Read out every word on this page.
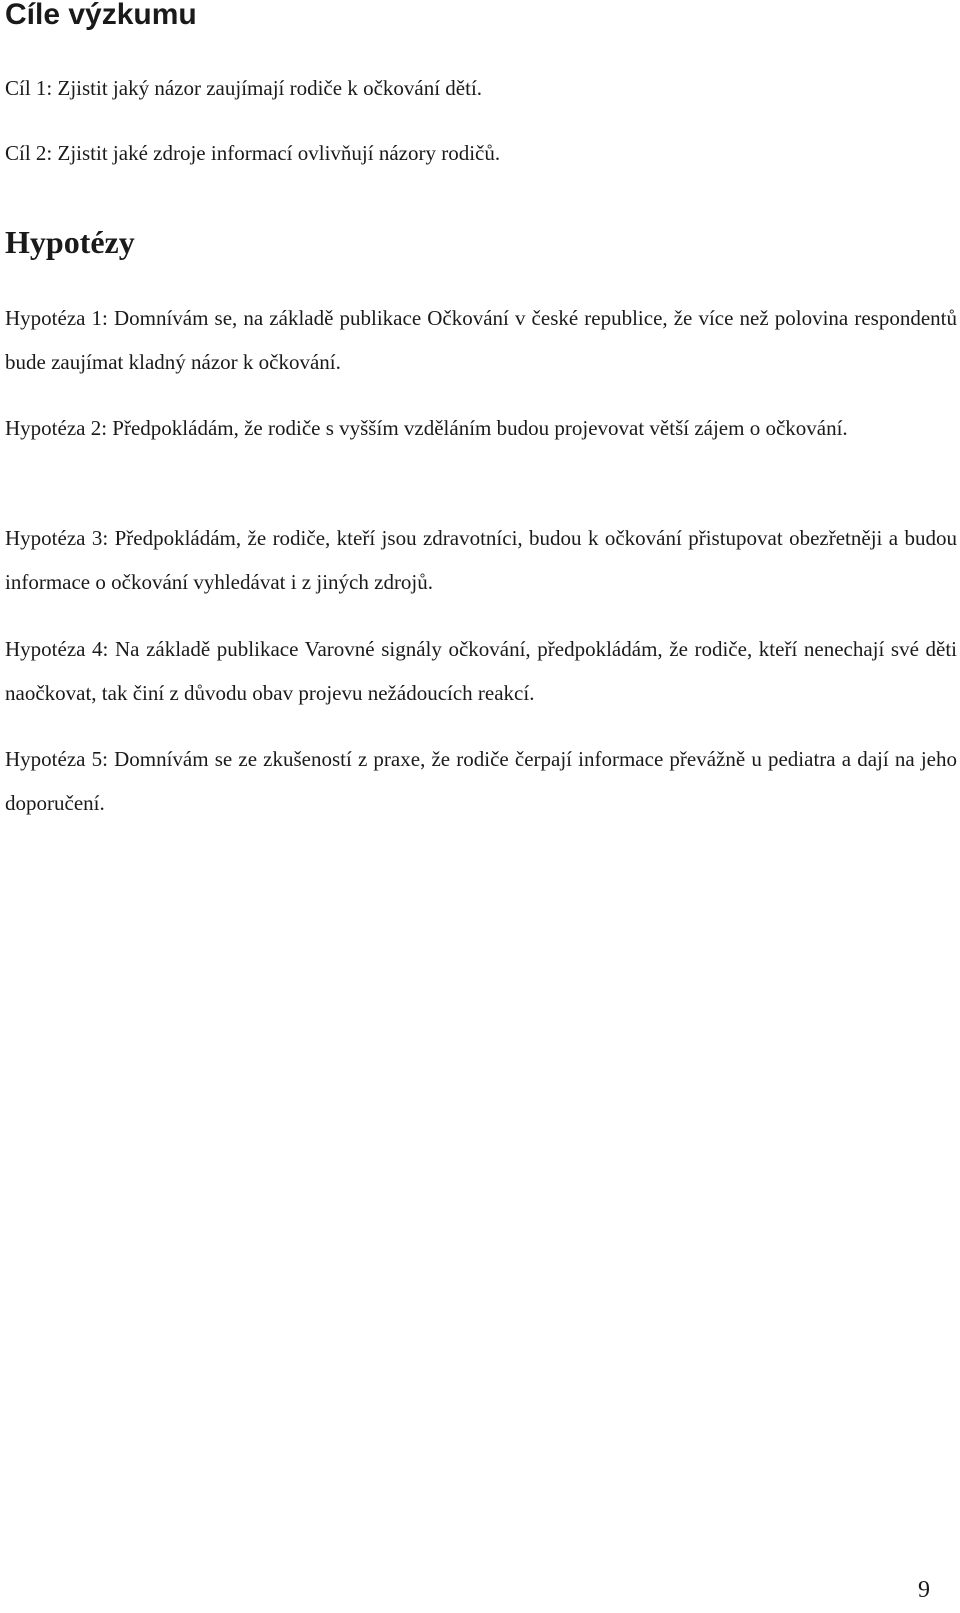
Cíle výzkumu

Cíl 1: Zjistit jaký názor zaujímají rodiče k očkování dětí.

Cíl 2: Zjistit jaké zdroje informací ovlivňují názory rodičů.

Hypotézy

Hypotéza 1: Domnívám se, na základě publikace Očkování v české republice, že více než polovina respondentů bude zaujímat kladný názor k očkování.

Hypotéza 2: Předpokládám, že rodiče s vyšším vzděláním budou projevovat větší zájem o očkování.

Hypotéza 3: Předpokládám, že rodiče, kteří jsou zdravotníci, budou k očkování přistupovat obezřetněji a budou informace o očkování vyhledávat i z jiných zdrojů.

Hypotéza 4: Na základě publikace Varovné signály očkování, předpokládám, že rodiče, kteří nenechají své děti naočkovat, tak činí z důvodu obav projevu nežádoucích reakcí.

Hypotéza 5: Domnívám se ze zkušeností z praxe, že rodiče čerpají informace převážně u pediatra a dají na jeho doporučení.

9
